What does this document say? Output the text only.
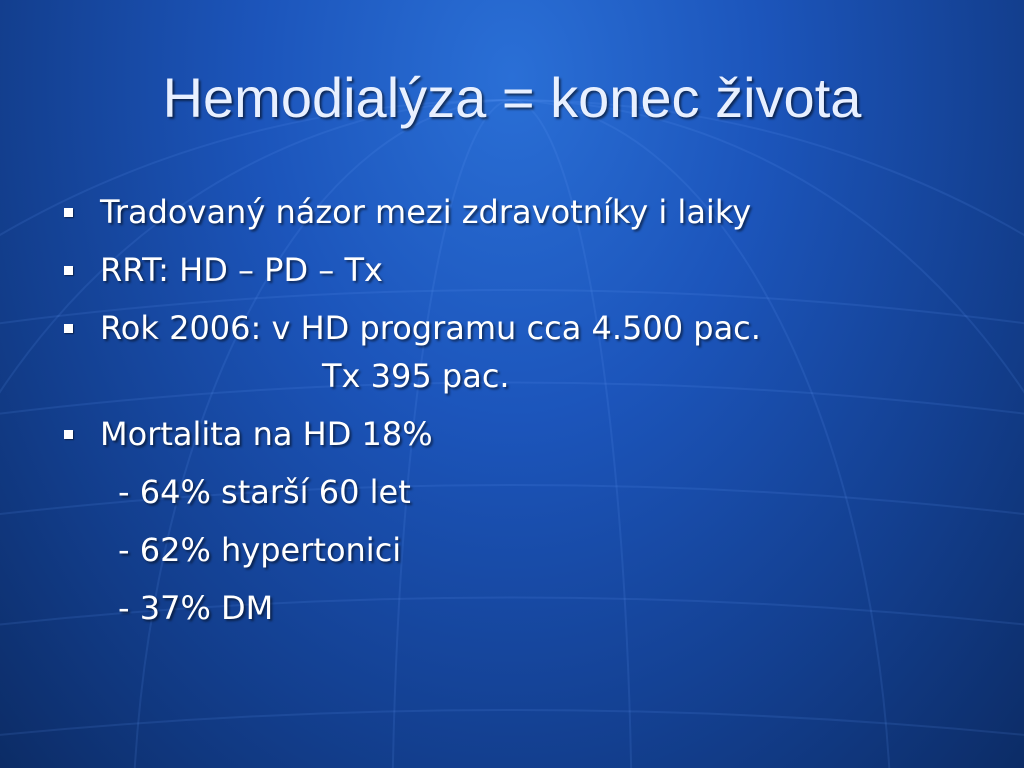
Hemodialýza = konec života
Tradovaný názor mezi zdravotníky i laiky
RRT: HD – PD – Tx
Rok 2006: v HD programu cca 4.500 pac.
Tx 395 pac.
Mortalita na HD 18%
- 64% starší 60 let
- 62% hypertonici
- 37% DM
